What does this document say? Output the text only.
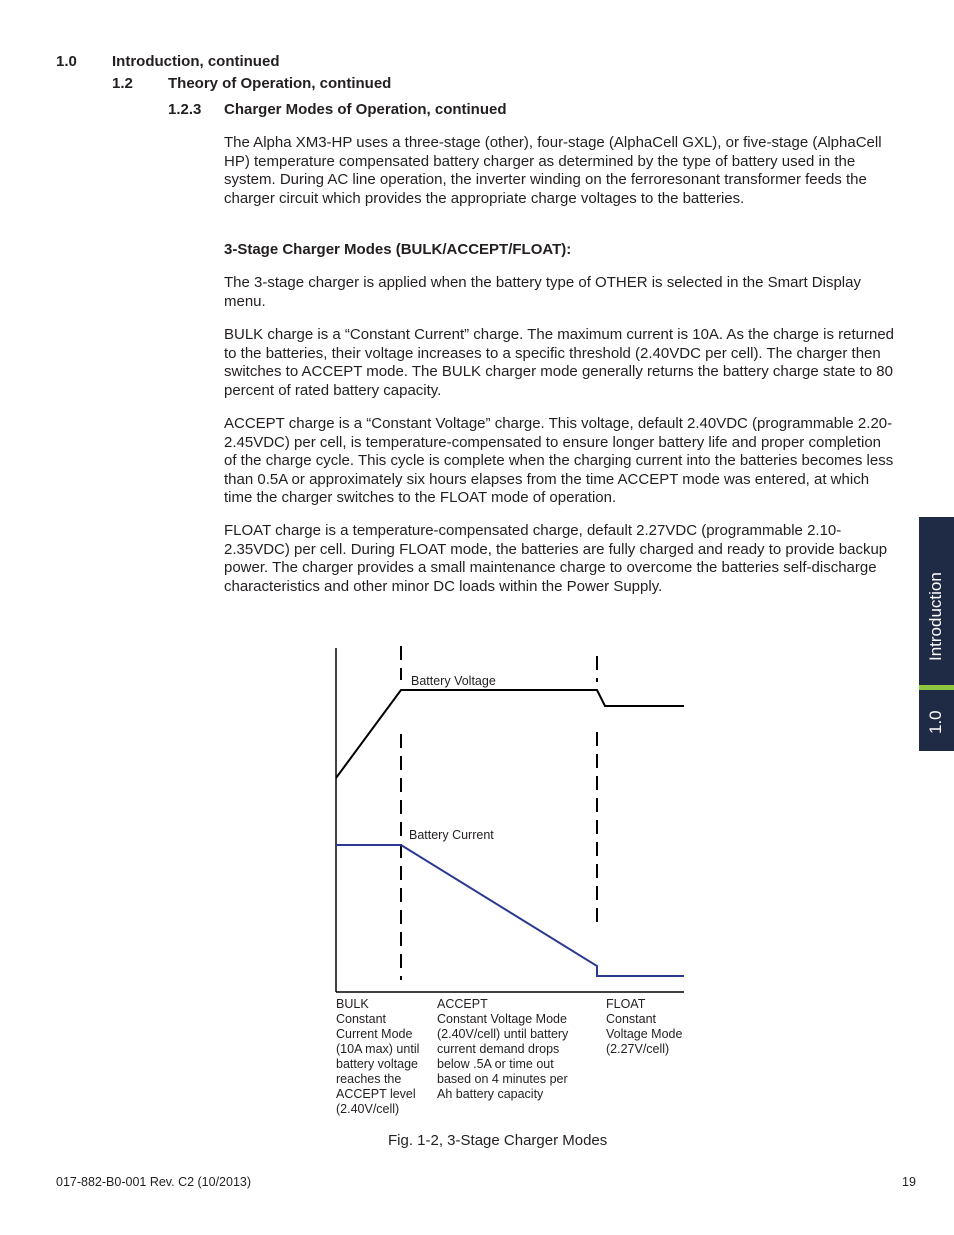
1.0 Introduction, continued
1.2 Theory of Operation, continued
1.2.3 Charger Modes of Operation, continued

The Alpha XM3-HP uses a three-stage (other), four-stage (AlphaCell GXL), or five-stage (AlphaCell HP) temperature compensated battery charger as determined by the type of battery used in the system. During AC line operation, the inverter winding on the ferroresonant transformer feeds the charger circuit which provides the appropriate charge voltages to the batteries.

3-Stage Charger Modes (BULK/ACCEPT/FLOAT):

The 3-stage charger is applied when the battery type of OTHER is selected in the Smart Display menu.

BULK charge is a “Constant Current” charge. The maximum current is 10A. As the charge is returned to the batteries, their voltage increases to a specific threshold (2.40VDC per cell). The charger then switches to ACCEPT mode. The BULK charger mode generally returns the battery charge state to 80 percent of rated battery capacity.

ACCEPT charge is a “Constant Voltage” charge. This voltage, default 2.40VDC (programmable 2.20-2.45VDC) per cell, is temperature-compensated to ensure longer battery life and proper completion of the charge cycle. This cycle is complete when the charging current into the batteries becomes less than 0.5A or approximately six hours elapses from the time ACCEPT mode was entered, at which time the charger switches to the FLOAT mode of operation.

FLOAT charge is a temperature-compensated charge, default 2.27VDC (programmable 2.10-2.35VDC) per cell. During FLOAT mode, the batteries are fully charged and ready to provide backup power. The charger provides a small maintenance charge to overcome the batteries self-discharge characteristics and other minor DC loads within the Power Supply.

Battery Voltage
Battery Current
BULK
Constant
Current Mode
(10A max) until
battery voltage
reaches the
ACCEPT level
(2.40V/cell)
ACCEPT
Constant Voltage Mode
(2.40V/cell) until battery
current demand drops
below .5A or time out
based on 4 minutes per
Ah battery capacity
FLOAT
Constant
Voltage Mode
(2.27V/cell)
Fig. 1-2, 3-Stage Charger Modes
Introduction
1.0
017-882-B0-001 Rev. C2 (10/2013)	19
